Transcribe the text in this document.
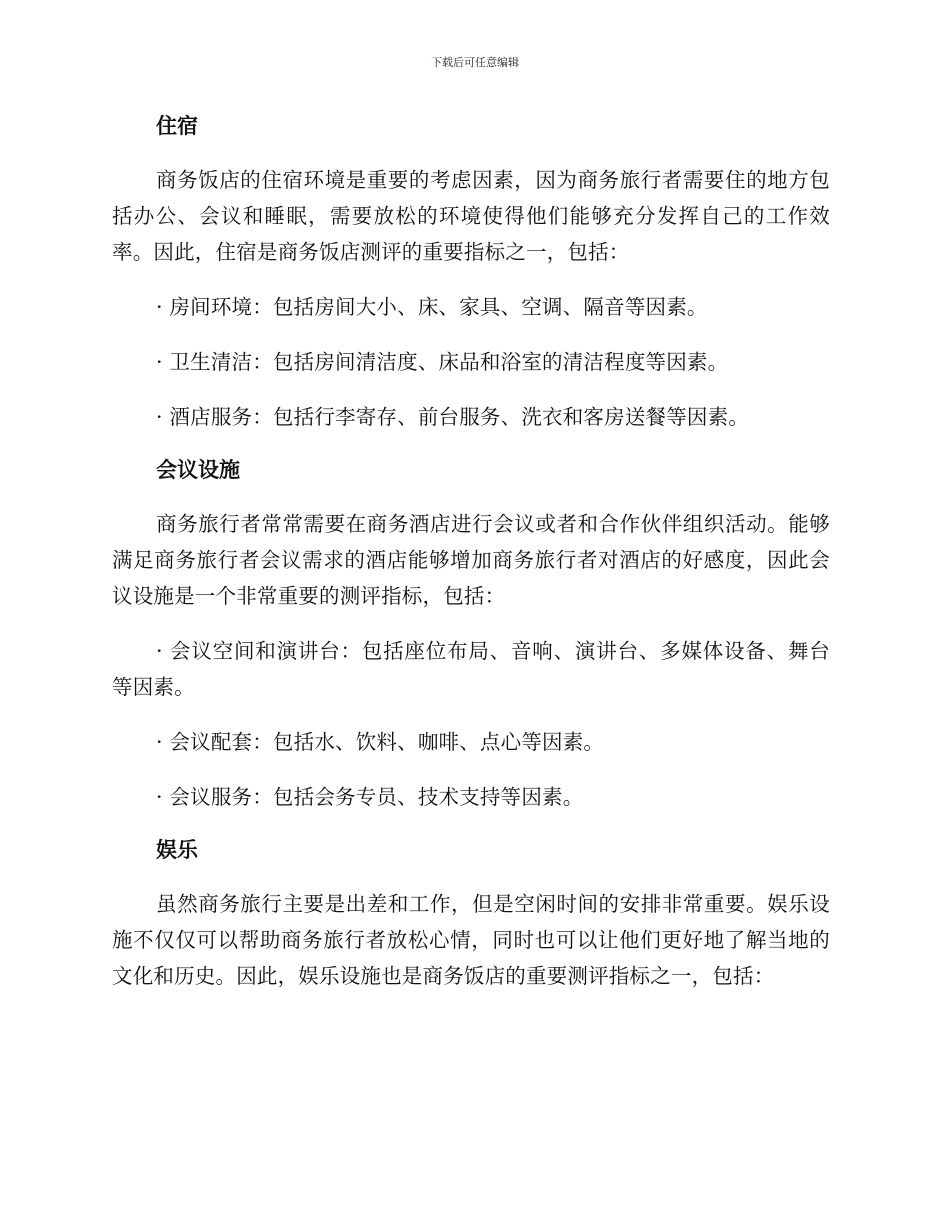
下载后可任意编辑
住宿

商务饭店的住宿环境是重要的考虑因素，因为商务旅行者需要住的地方包括办公、会议和睡眠，需要放松的环境使得他们能够充分发挥自己的工作效率。因此，住宿是商务饭店测评的重要指标之一，包括：

· 房间环境：包括房间大小、床、家具、空调、隔音等因素。

· 卫生清洁：包括房间清洁度、床品和浴室的清洁程度等因素。

· 酒店服务：包括行李寄存、前台服务、洗衣和客房送餐等因素。

会议设施

商务旅行者常常需要在商务酒店进行会议或者和合作伙伴组织活动。能够满足商务旅行者会议需求的酒店能够增加商务旅行者对酒店的好感度，因此会议设施是一个非常重要的测评指标，包括：

· 会议空间和演讲台：包括座位布局、音响、演讲台、多媒体设备、舞台等因素。

· 会议配套：包括水、饮料、咖啡、点心等因素。

· 会议服务：包括会务专员、技术支持等因素。

娱乐

虽然商务旅行主要是出差和工作，但是空闲时间的安排非常重要。娱乐设施不仅仅可以帮助商务旅行者放松心情，同时也可以让他们更好地了解当地的文化和历史。因此，娱乐设施也是商务饭店的重要测评指标之一，包括：
